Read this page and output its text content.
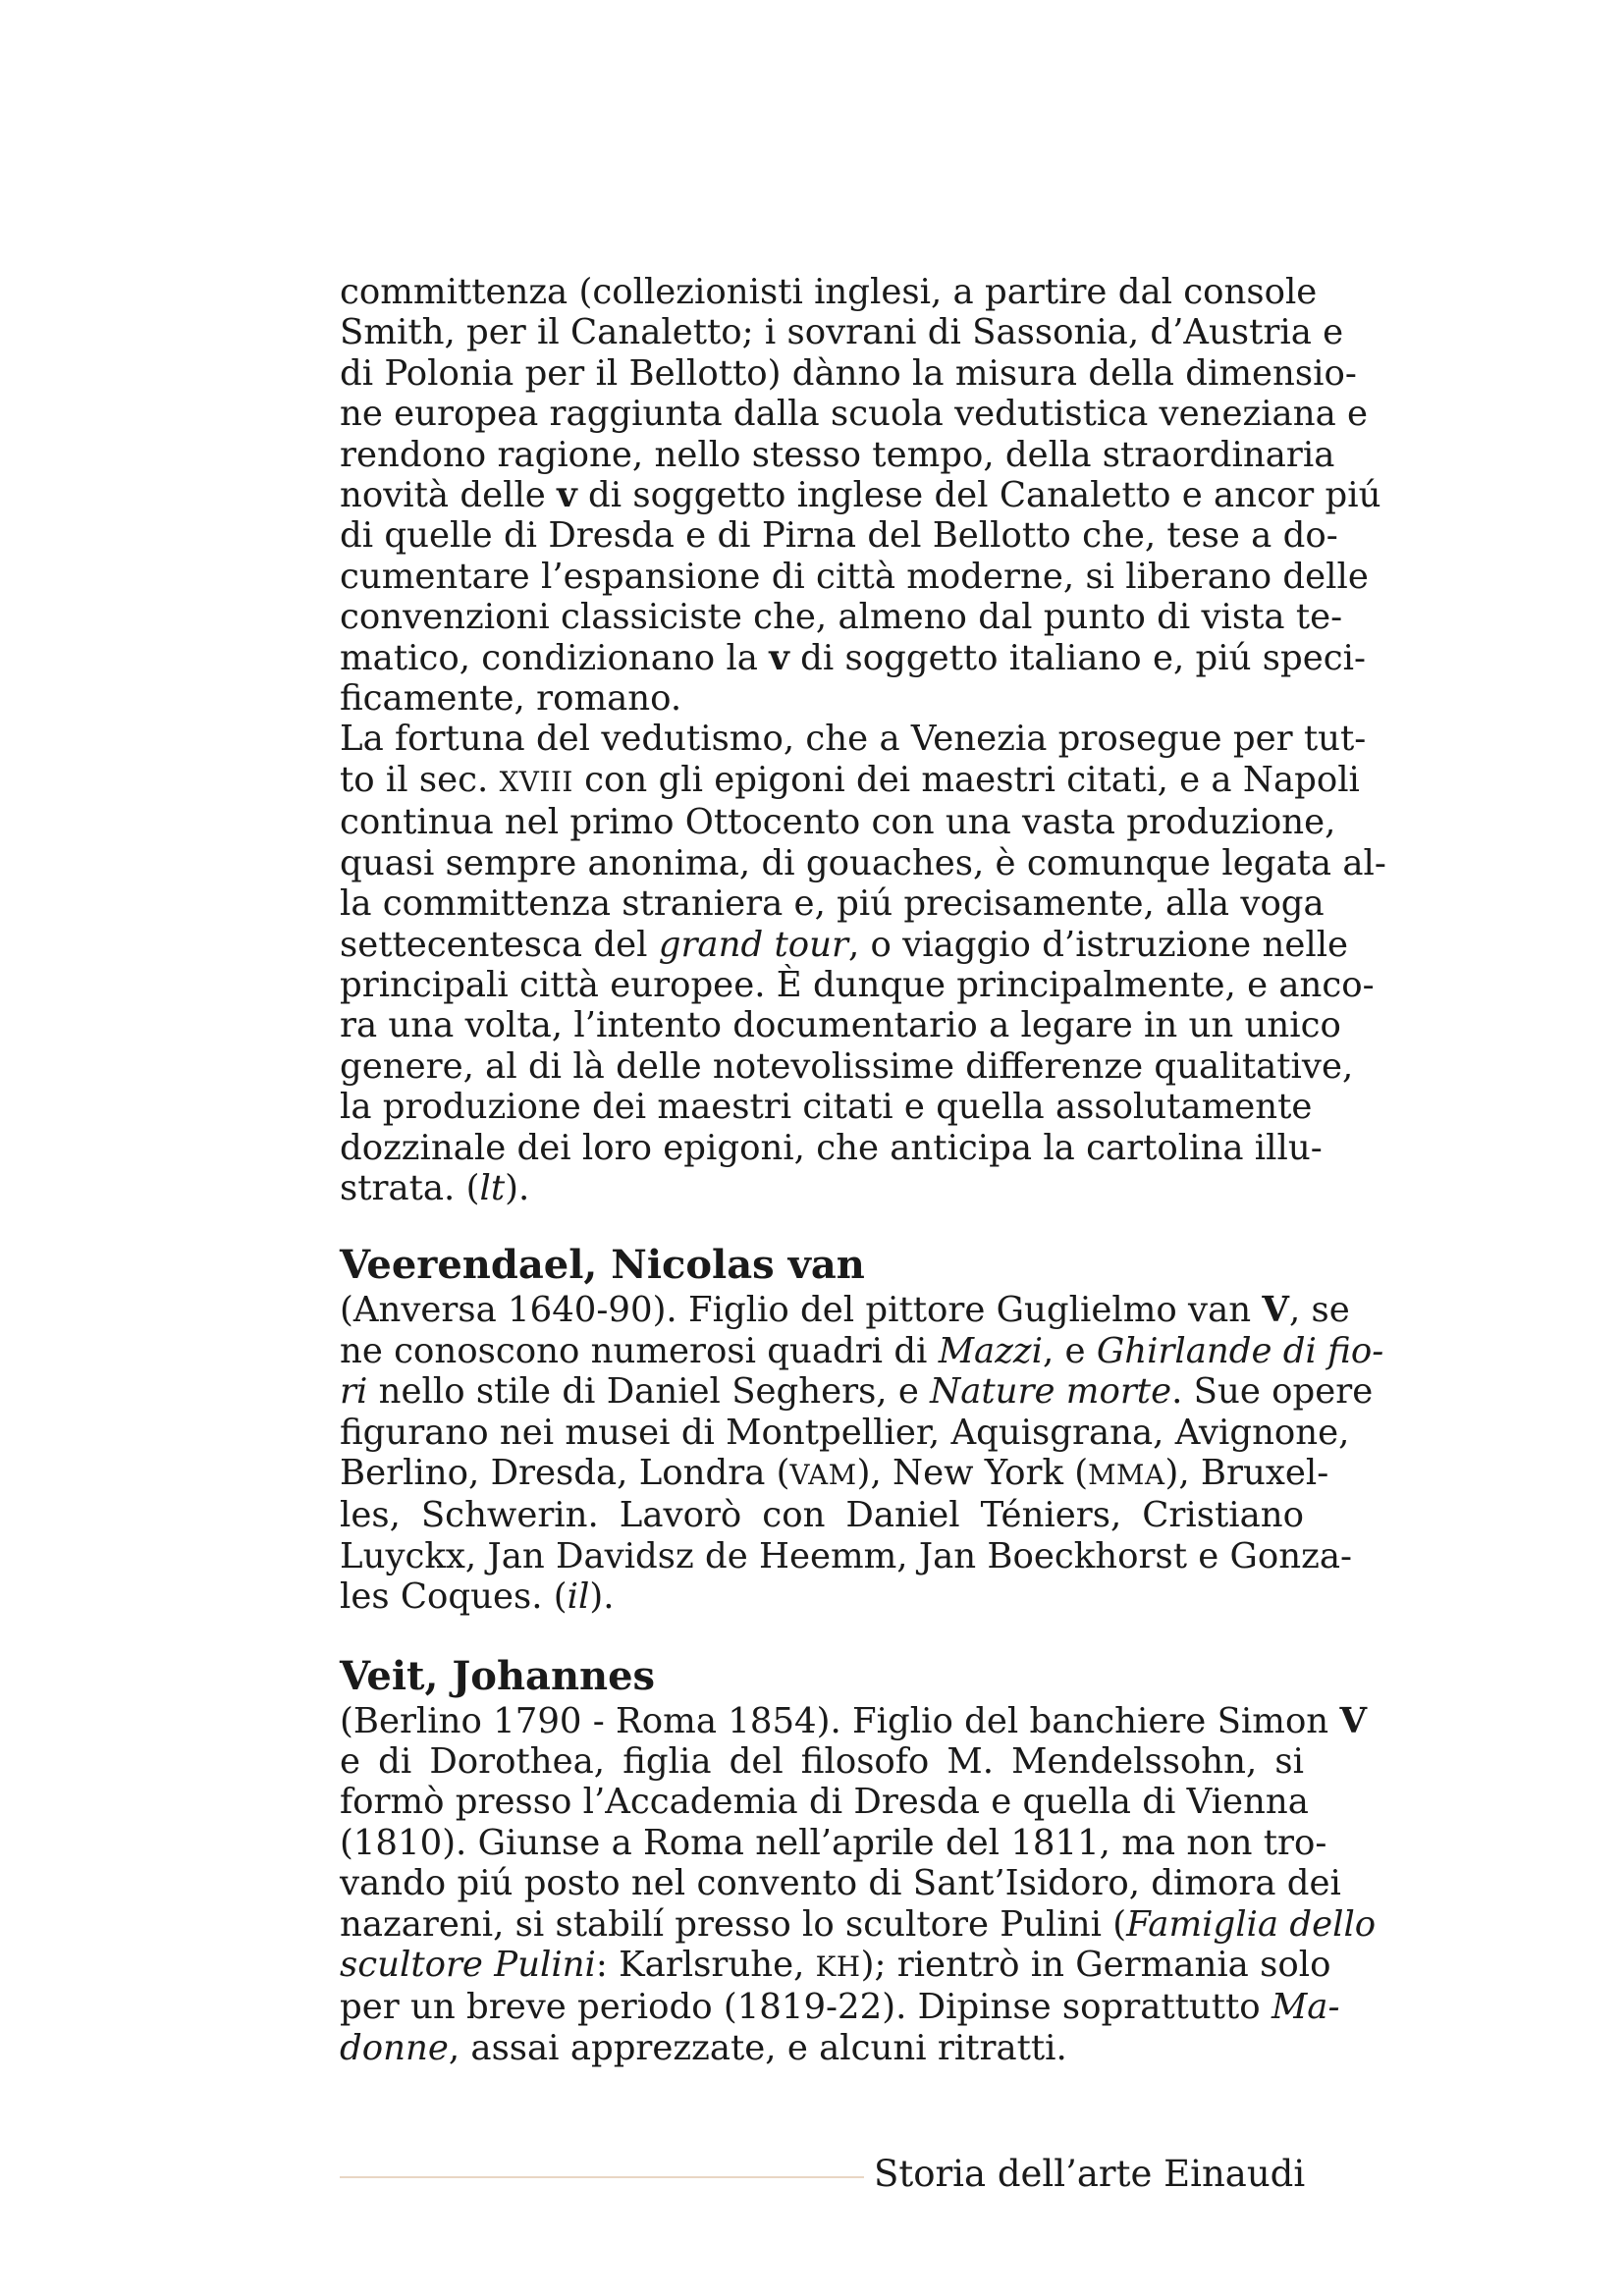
committenza (collezionisti inglesi, a partire dal console
Smith, per il Canaletto; i sovrani di Sassonia, d’Austria e
di Polonia per il Bellotto) dànno la misura della dimensio-
ne europea raggiunta dalla scuola vedutistica veneziana e
rendono ragione, nello stesso tempo, della straordinaria
novità delle v di soggetto inglese del Canaletto e ancor piú
di quelle di Dresda e di Pirna del Bellotto che, tese a do-
cumentare l’espansione di città moderne, si liberano delle
convenzioni classiciste che, almeno dal punto di vista te-
matico, condizionano la v di soggetto italiano e, piú speci-
ficamente, romano.
La fortuna del vedutismo, che a Venezia prosegue per tut-
to il sec. XVIII con gli epigoni dei maestri citati, e a Napoli
continua nel primo Ottocento con una vasta produzione,
quasi sempre anonima, di gouaches, è comunque legata al-
la committenza straniera e, piú precisamente, alla voga
settecentesca del grand tour, o viaggio d’istruzione nelle
principali città europee. È dunque principalmente, e anco-
ra una volta, l’intento documentario a legare in un unico
genere, al di là delle notevolissime differenze qualitative,
la produzione dei maestri citati e quella assolutamente
dozzinale dei loro epigoni, che anticipa la cartolina illu-
strata. (lt).
Veerendael, Nicolas van
(Anversa 1640-90). Figlio del pittore Guglielmo van V, se
ne conoscono numerosi quadri di Mazzi, e Ghirlande di fio-
ri nello stile di Daniel Seghers, e Nature morte. Sue opere
figurano nei musei di Montpellier, Aquisgrana, Avignone,
Berlino, Dresda, Londra (VAM), New York (MMA), Bruxel-
les, Schwerin. Lavorò con Daniel Téniers, Cristiano
Luyckx, Jan Davidsz de Heemm, Jan Boeckhorst e Gonza-
les Coques. (il).
Veit, Johannes
(Berlino 1790 - Roma 1854). Figlio del banchiere Simon V
e di Dorothea, figlia del filosofo M. Mendelssohn, si
formò presso l’Accademia di Dresda e quella di Vienna
(1810). Giunse a Roma nell’aprile del 1811, ma non tro-
vando piú posto nel convento di Sant’Isidoro, dimora dei
nazareni, si stabilí presso lo scultore Pulini (Famiglia dello
scultore Pulini: Karlsruhe, KH); rientrò in Germania solo
per un breve periodo (1819-22). Dipinse soprattutto Ma-
donne, assai apprezzate, e alcuni ritratti.
Storia dell’arte Einaudi
